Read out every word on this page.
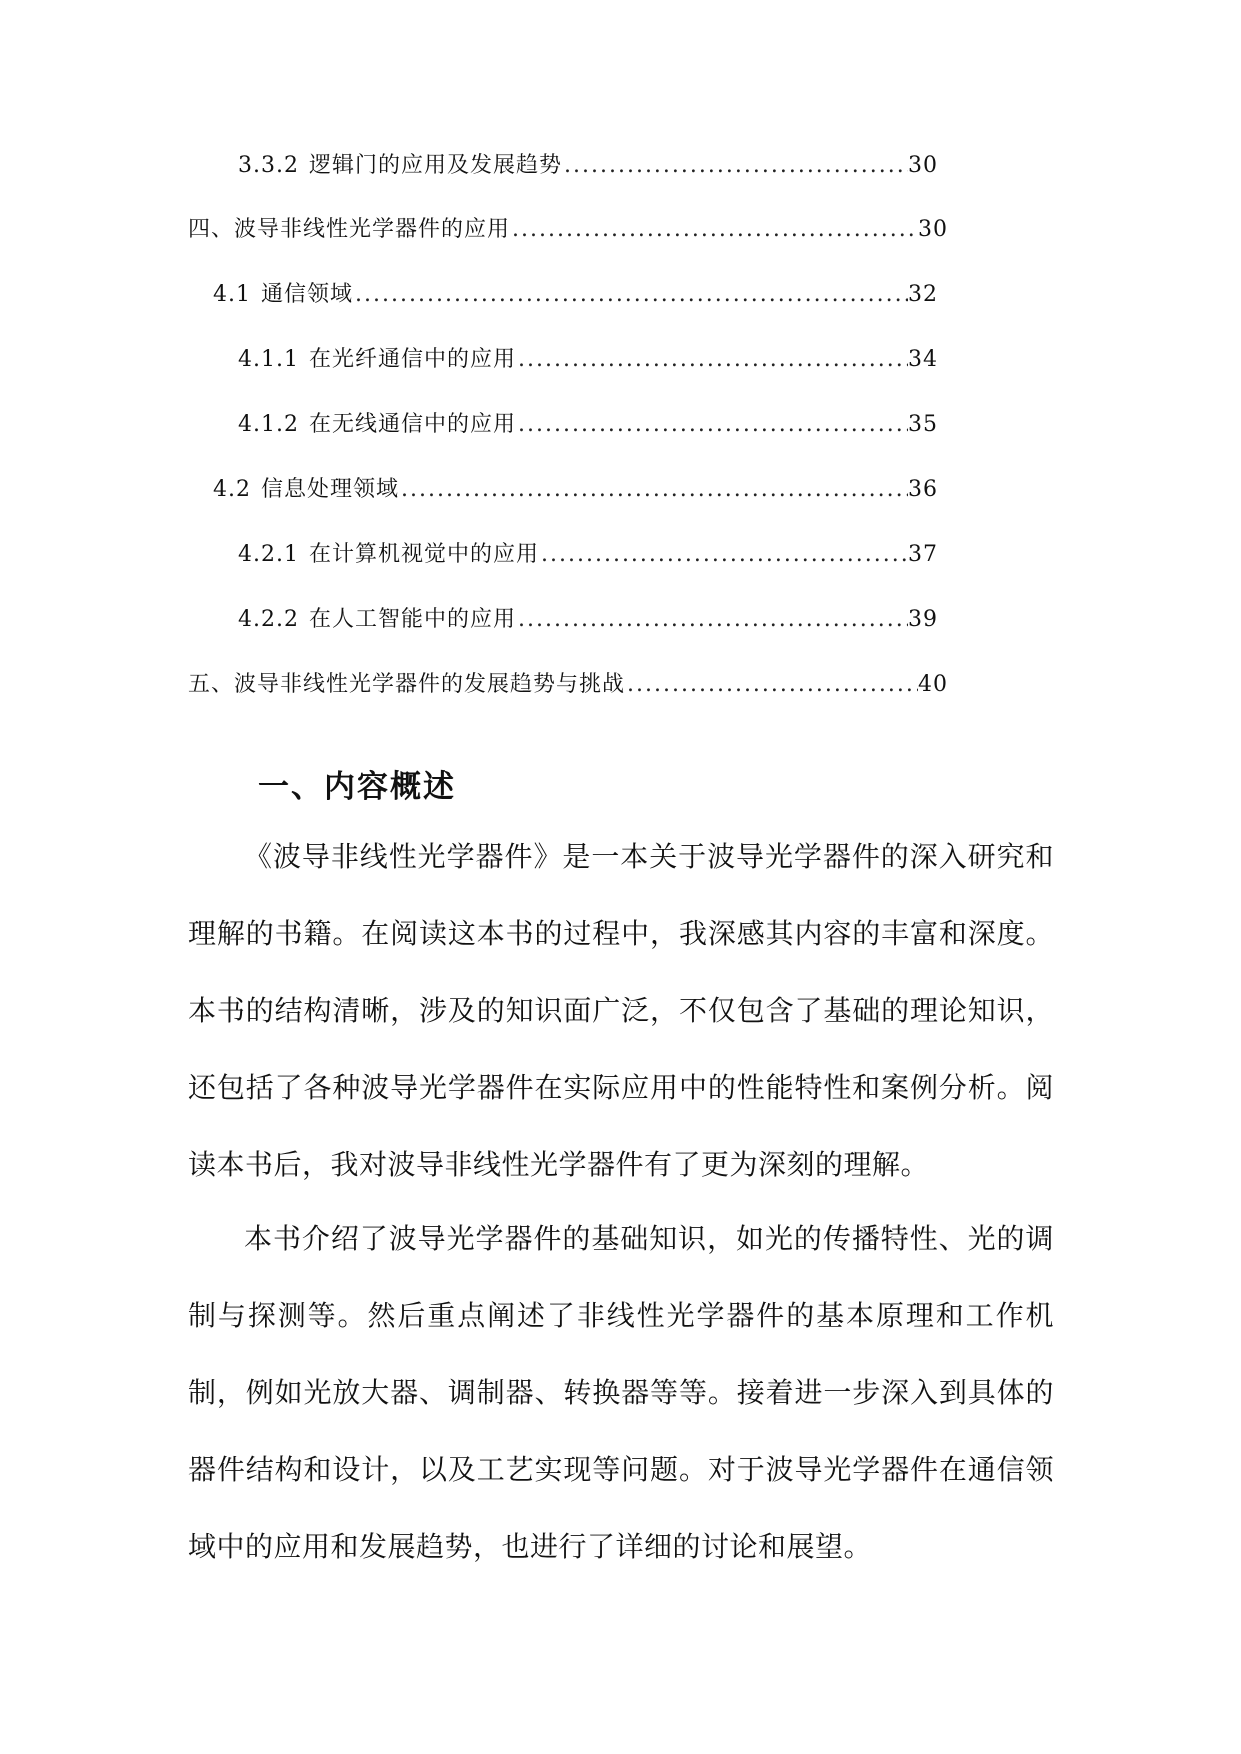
3.3.2 逻辑门的应用及发展趋势 .....	30
四、 波导非线性光学器件的应用 .....	30
4.1 通信领域 .....	32
4.1.1 在光纤通信中的应用 .....	34
4.1.2 在无线通信中的应用 .....	35
4.2 信息处理领域 .....	36
4.2.1 在计算机视觉中的应用 .....	37
4.2.2 在人工智能中的应用 .....	39
五、 波导非线性光学器件的发展趋势与挑战 .....	40
一、内容概述

《波导非线性光学器件》是一本关于波导光学器件的深入研究和理解的书籍。在阅读这本书的过程中，我深感其内容的丰富和深度。本书的结构清晰，涉及的知识面广泛，不仅包含了基础的理论知识，还包括了各种波导光学器件在实际应用中的性能特性和案例分析。阅读本书后，我对波导非线性光学器件有了更为深刻的理解。

本书介绍了波导光学器件的基础知识，如光的传播特性、光的调制与探测等。然后重点阐述了非线性光学器件的基本原理和工作机制，例如光放大器、调制器、转换器等等。接着进一步深入到具体的器件结构和设计，以及工艺实现等问题。对于波导光学器件在通信领域中的应用和发展趋势，也进行了详细的讨论和展望。
